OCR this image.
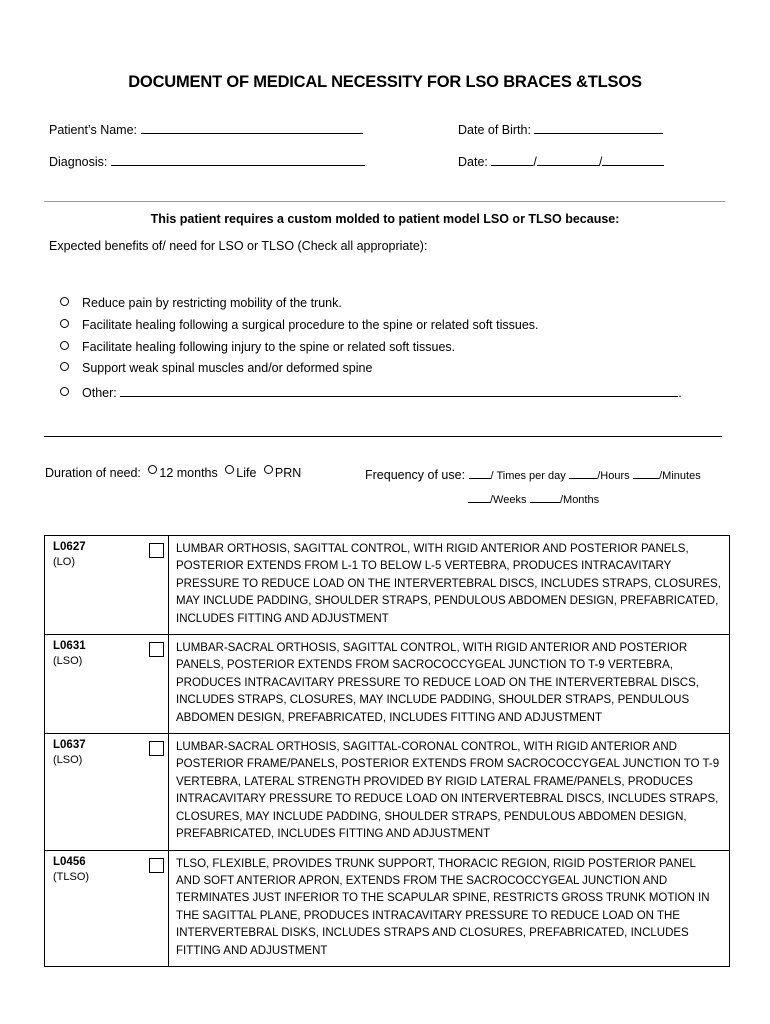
DOCUMENT OF MEDICAL NECESSITY FOR LSO BRACES &TLSOS
Patient’s Name:	Date of Birth:
Diagnosis:	Date:	/	/
This patient requires a custom molded to patient model LSO or TLSO because:
Expected benefits of/ need for LSO or TLSO (Check all appropriate):
Reduce pain by restricting mobility of the trunk.
Facilitate healing following a surgical procedure to the spine or related soft tissues.
Facilitate healing following injury to the spine or related soft tissues.
Support weak spinal muscles and/or deformed spine
Other:	.
Duration of need: 12 months Life PRN	Frequency of use: / Times per day	/Hours	/Minutes
/Weeks	/Months
L0627
(LO)	LUMBAR ORTHOSIS, SAGITTAL CONTROL, WITH RIGID ANTERIOR AND POSTERIOR PANELS, POSTERIOR EXTENDS FROM L-1 TO BELOW L-5 VERTEBRA, PRODUCES INTRACAVITARY PRESSURE TO REDUCE LOAD ON THE INTERVERTEBRAL DISCS, INCLUDES STRAPS, CLOSURES, MAY INCLUDE PADDING, SHOULDER STRAPS, PENDULOUS ABDOMEN DESIGN, PREFABRICATED, INCLUDES FITTING AND ADJUSTMENT

L0631
(LSO)	LUMBAR-SACRAL ORTHOSIS, SAGITTAL CONTROL, WITH RIGID ANTERIOR AND POSTERIOR PANELS, POSTERIOR EXTENDS FROM SACROCOCCYGEAL JUNCTION TO T-9 VERTEBRA, PRODUCES INTRACAVITARY PRESSURE TO REDUCE LOAD ON THE INTERVERTEBRAL DISCS, INCLUDES STRAPS, CLOSURES, MAY INCLUDE PADDING, SHOULDER STRAPS, PENDULOUS ABDOMEN DESIGN, PREFABRICATED, INCLUDES FITTING AND ADJUSTMENT

L0637
(LSO)	LUMBAR-SACRAL ORTHOSIS, SAGITTAL-CORONAL CONTROL, WITH RIGID ANTERIOR AND POSTERIOR FRAME/PANELS, POSTERIOR EXTENDS FROM SACROCOCCYGEAL JUNCTION TO T-9 VERTEBRA, LATERAL STRENGTH PROVIDED BY RIGID LATERAL FRAME/PANELS, PRODUCES INTRACAVITARY PRESSURE TO REDUCE LOAD ON INTERVERTEBRAL DISCS, INCLUDES STRAPS, CLOSURES, MAY INCLUDE PADDING, SHOULDER STRAPS, PENDULOUS ABDOMEN DESIGN, PREFABRICATED, INCLUDES FITTING AND ADJUSTMENT

L0456
(TLSO)	TLSO, FLEXIBLE, PROVIDES TRUNK SUPPORT, THORACIC REGION, RIGID POSTERIOR PANEL AND SOFT ANTERIOR APRON, EXTENDS FROM THE SACROCOCCYGEAL JUNCTION AND TERMINATES JUST INFERIOR TO THE SCAPULAR SPINE, RESTRICTS GROSS TRUNK MOTION IN THE SAGITTAL PLANE, PRODUCES INTRACAVITARY PRESSURE TO REDUCE LOAD ON THE INTERVERTEBRAL DISKS, INCLUDES STRAPS AND CLOSURES, PREFABRICATED, INCLUDES FITTING AND ADJUSTMENT
